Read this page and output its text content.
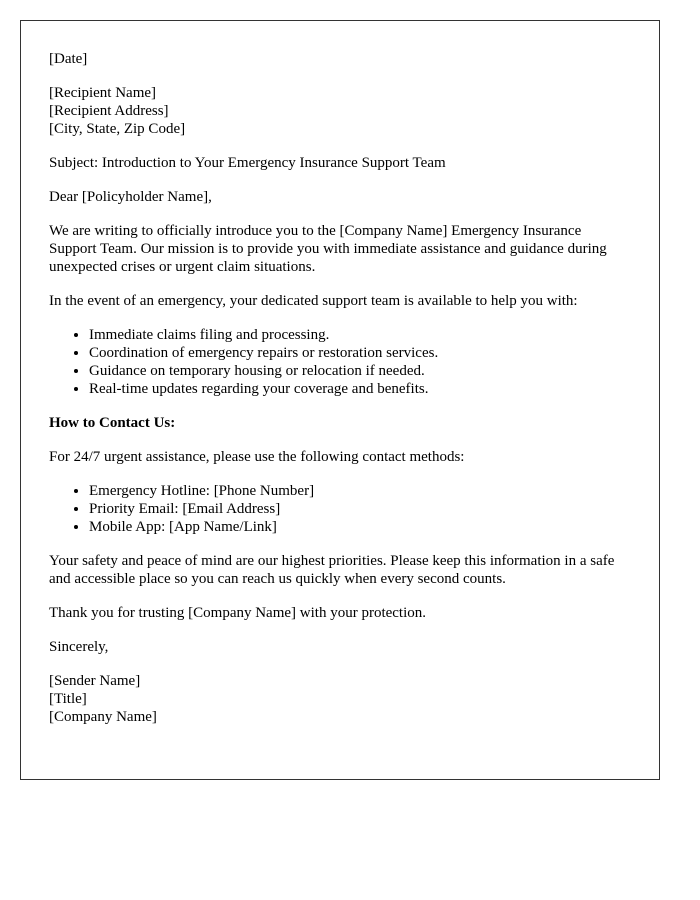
[Date]

[Recipient Name]
[Recipient Address]
[City, State, Zip Code]

Subject: Introduction to Your Emergency Insurance Support Team

Dear [Policyholder Name],

We are writing to officially introduce you to the [Company Name] Emergency Insurance Support Team. Our mission is to provide you with immediate assistance and guidance during unexpected crises or urgent claim situations.

In the event of an emergency, your dedicated support team is available to help you with:

• Immediate claims filing and processing.
• Coordination of emergency repairs or restoration services.
• Guidance on temporary housing or relocation if needed.
• Real-time updates regarding your coverage and benefits.

How to Contact Us:

For 24/7 urgent assistance, please use the following contact methods:

• Emergency Hotline: [Phone Number]
• Priority Email: [Email Address]
• Mobile App: [App Name/Link]

Your safety and peace of mind are our highest priorities. Please keep this information in a safe and accessible place so you can reach us quickly when every second counts.

Thank you for trusting [Company Name] with your protection.

Sincerely,

[Sender Name]
[Title]
[Company Name]
